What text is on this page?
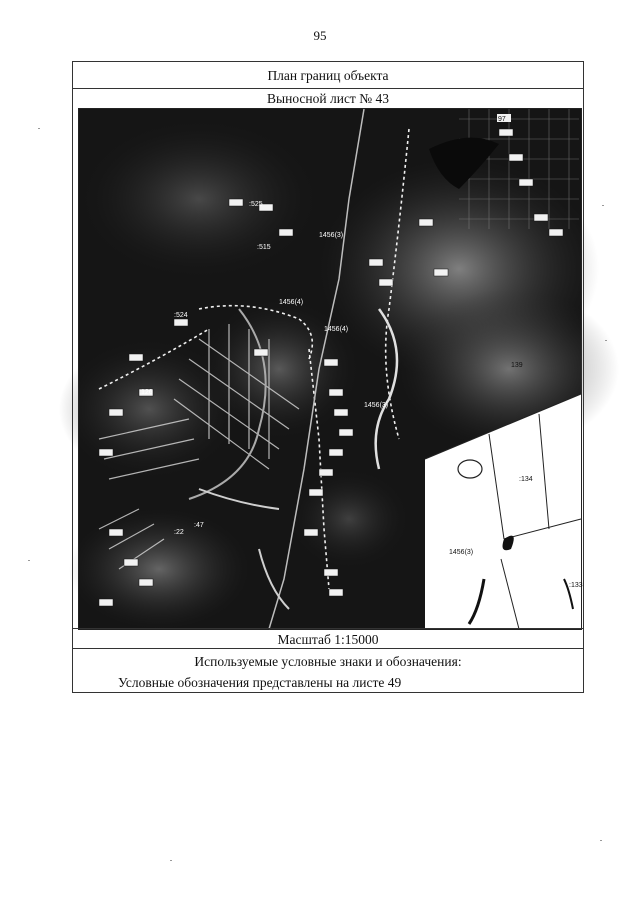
95
План границ объекта
Выносной лист № 43
1456(4)
1456(4)
1456(3)
1456(3)
97
139
:134
:133
1456(3)
:22
:47
:126
:525
:515
:524
Масштаб 1:15000
Используемые условные знаки и обозначения:
Условные обозначения представлены на листе 49
